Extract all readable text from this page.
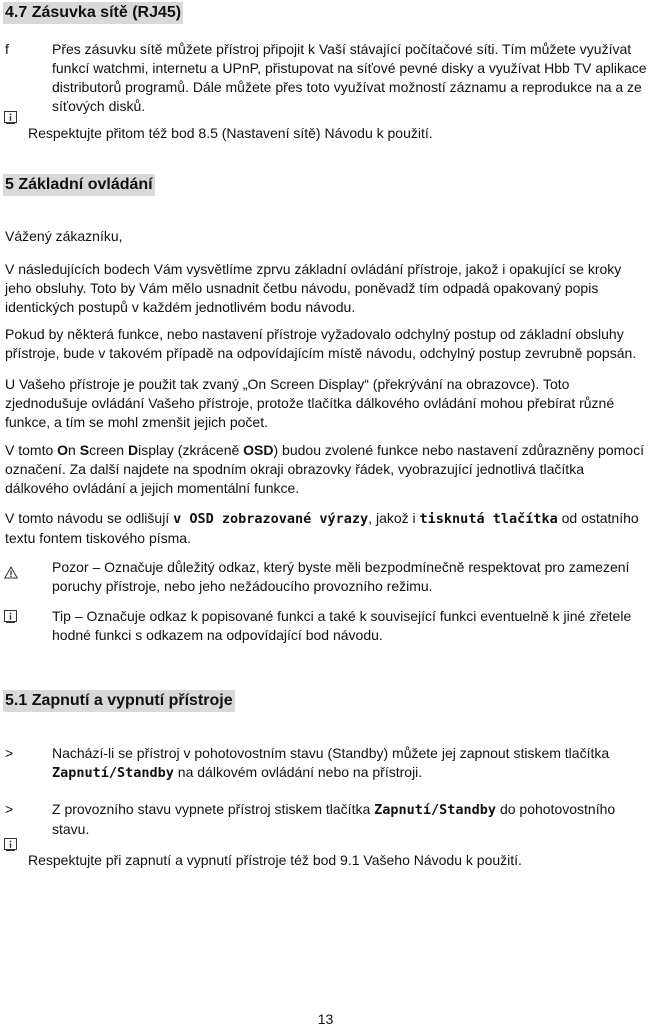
4.7 Zásuvka sítě (RJ45)
f	Přes zásuvku sítě můžete přístroj připojit k Vaší stávající počítačové síti. Tím můžete využívat funkcí watchmi, internetu a UPnP, přistupovat na síťové pevné disky a využívat Hbb TV aplikace distributorů programů. Dále můžete přes toto využívat možností záznamu a reprodukce na a ze síťových disků.
Respektujte přitom též bod 8.5 (Nastavení sítě) Návodu k použití.
5 Základní ovládání
Vážený zákazníku,
V následujících bodech Vám vysvětlíme zprvu základní ovládání přístroje, jakož i opakující se kroky jeho obsluhy. Toto by Vám mělo usnadnit četbu návodu, poněvadž tím odpadá opakovaný popis identických postupů v každém jednotlivém bodu návodu.
Pokud by některá funkce, nebo nastavení přístroje vyžadovalo odchylný postup od základní obsluhy přístroje, bude v takovém případě na odpovídajícím místě návodu, odchylný postup zevrubně popsán.
U Vašeho přístroje je použit tak zvaný „On Screen Display“ (překrývání na obrazovce). Toto zjednodušuje ovládání Vašeho přístroje, protože tlačítka dálkového ovládání mohou přebírat různé funkce, a tím se mohl zmenšit jejich počet.
V tomto On Screen Display (zkráceně OSD) budou zvolené funkce nebo nastavení zdůrazněny pomocí označení. Za další najdete na spodním okraji obrazovky řádek, vyobrazující jednotlivá tlačítka dálkového ovládání a jejich momentální funkce.
V tomto návodu se odlišují v OSD zobrazované výrazy, jakož i tisknutá tlačítka od ostatního textu fontem tiskového písma.
Pozor – Označuje důležitý odkaz, který byste měli bezpodmínečně respektovat pro zamezení poruchy přístroje, nebo jeho nežádoucího provozního režimu.
Tip – Označuje odkaz k popisované funkci a také k související funkci eventuelně k jiné zřetele hodné funkci s odkazem na odpovídající bod návodu.
5.1 Zapnutí a vypnutí přístroje
>	Nachází-li se přístroj v pohotovostním stavu (Standby) můžete jej zapnout stiskem tlačítka Zapnutí/Standby na dálkovém ovládání nebo na přístroji.
>	Z provozního stavu vypnete přístroj stiskem tlačítka Zapnutí/Standby do pohotovostního stavu.
Respektujte při zapnutí a vypnutí přístroje též bod 9.1 Vašeho Návodu k použití.
13
